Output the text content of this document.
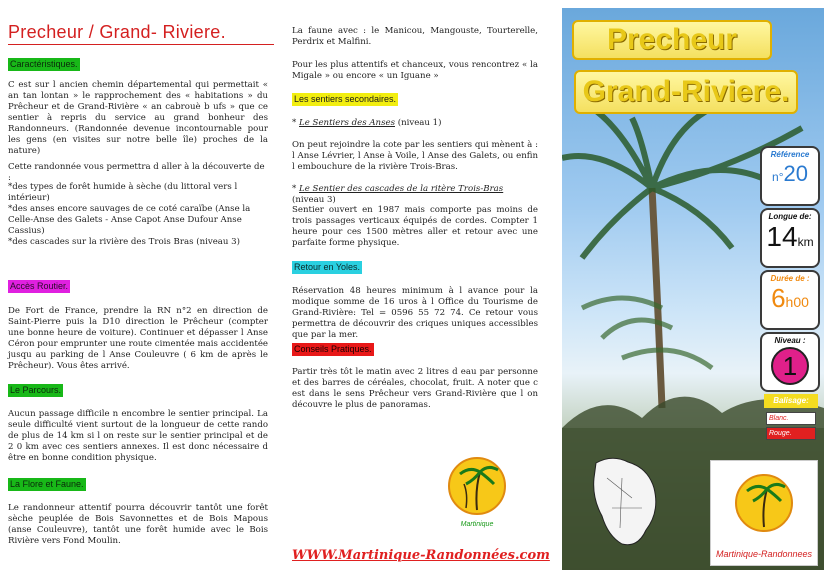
Precheur / Grand- Riviere.
Caractéristiques.

C est sur l ancien chemin départemental qui permettait « an tan lontan » le rapprochement des « habitations » du Prêcheur et de Grand-Rivière « an cabrouè b ufs » que ce sentier à repris du service au grand bonheur des Randonneurs. (Randonnée devenue incontournable pour les gens (en visites sur notre belle île) proches de la nature)

Cette randonnée vous permettra d aller à la découverte de :

*des types de forêt humide à sèche (du littoral vers l intérieur)

*des anses encore sauvages de ce coté caraïbe (Anse la Celle-Anse des Galets - Anse Capot Anse Dufour Anse Cassius)

*des cascades sur la rivière des Trois Bras (niveau 3)

Accès Routier.

De Fort de France, prendre la RN n°2 en direction de Saint-Pierre puis la D10 direction le Prêcheur (compter une bonne heure de voiture). Continuer et dépasser l Anse Céron pour emprunter une route cimentée mais accidentée jusqu au parking de l Anse Couleuvre ( 6 km de après le Prêcheur). Vous êtes arrivé.

Le Parcours.

Aucun passage difficile n encombre le sentier principal. La seule difficulté vient surtout de la longueur de cette rando de plus de 14 km si l on reste sur le sentier principal et de 2 0 km avec ces sentiers annexes. Il est donc nécessaire d être en bonne condition physique.

La Flore et Faune.

Le randonneur attentif pourra découvrir tantôt une forêt sèche peuplée de Bois Savonnettes et de Bois Mapous (anse Couleuvre), tantôt une forêt humide avec le Bois Rivière vers Fond Moulin.

La faune avec : le Manicou, Mangouste, Tourterelle, Perdrix et Malfini.

Pour les plus attentifs et chanceux, vous rencontrez « la Migale » ou encore « un Iguane »

Les sentiers secondaires.

* Le Sentiers des Anses (niveau 1)

On peut rejoindre la cote par les sentiers qui mènent à : l Anse Lévrier, l Anse à Voile, l Anse des Galets, ou enfin l embouchure de la rivière Trois-Bras.

* Le Sentier des cascades de la ritère Trois-Bras (niveau 3)

Sentier ouvert en 1987 mais comporte pas moins de trois passages verticaux équipés de cordes. Compter 1 heure pour ces 1500 mètres aller et retour avec une parfaite forme physique.

Retour en Yoles.

Réservation 48 heures minimum à l avance pour la modique somme de 16 uros à l Office du Tourisme de Grand-Rivière: Tel = 0596 55 72 74. Ce retour vous permettra de découvrir des criques uniques accessibles que par la mer.

Conseils Pratiques.

Partir très tôt le matin avec 2 litres d eau par personne et des barres de céréales, chocolat, fruit. A noter que c est dans le sens Prêcheur vers Grand-Rivière que l on découvre le plus de panoramas.

Martinique
WWW.Martinique-Randonnées.com
Precheur
Grand-Riviere.
Référence
n°20
Longue de:
14km
Durée de :
6h00
Niveau :
1
Balisage:
Blanc.
Rouge.
Martinique-Randonnees
